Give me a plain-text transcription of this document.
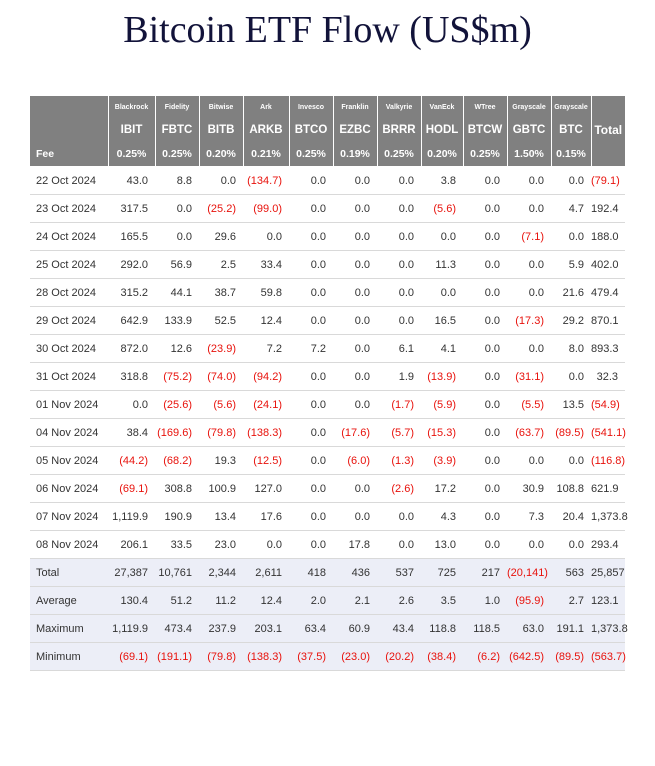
Bitcoin ETF Flow (US$m)
	Blackrock	Fidelity	Bitwise	Ark	Invesco	Franklin	Valkyrie	VanEck	WTree	Grayscale	Grayscale	
	IBIT	FBTC	BITB	ARKB	BTCO	EZBC	BRRR	HODL	BTCW	GBTC	BTC	Total
Fee	0.25%	0.25%	0.20%	0.21%	0.25%	0.19%	0.25%	0.20%	0.25%	1.50%	0.15%	
22 Oct 2024	43.0	8.8	0.0	(134.7)	0.0	0.0	0.0	3.8	0.0	0.0	0.0	(79.1)
23 Oct 2024	317.5	0.0	(25.2)	(99.0)	0.0	0.0	0.0	(5.6)	0.0	0.0	4.7	192.4
24 Oct 2024	165.5	0.0	29.6	0.0	0.0	0.0	0.0	0.0	0.0	(7.1)	0.0	188.0
25 Oct 2024	292.0	56.9	2.5	33.4	0.0	0.0	0.0	11.3	0.0	0.0	5.9	402.0
28 Oct 2024	315.2	44.1	38.7	59.8	0.0	0.0	0.0	0.0	0.0	0.0	21.6	479.4
29 Oct 2024	642.9	133.9	52.5	12.4	0.0	0.0	0.0	16.5	0.0	(17.3)	29.2	870.1
30 Oct 2024	872.0	12.6	(23.9)	7.2	7.2	0.0	6.1	4.1	0.0	0.0	8.0	893.3
31 Oct 2024	318.8	(75.2)	(74.0)	(94.2)	0.0	0.0	1.9	(13.9)	0.0	(31.1)	0.0	32.3
01 Nov 2024	0.0	(25.6)	(5.6)	(24.1)	0.0	0.0	(1.7)	(5.9)	0.0	(5.5)	13.5	(54.9)
04 Nov 2024	38.4	(169.6)	(79.8)	(138.3)	0.0	(17.6)	(5.7)	(15.3)	0.0	(63.7)	(89.5)	(541.1)
05 Nov 2024	(44.2)	(68.2)	19.3	(12.5)	0.0	(6.0)	(1.3)	(3.9)	0.0	0.0	0.0	(116.8)
06 Nov 2024	(69.1)	308.8	100.9	127.0	0.0	0.0	(2.6)	17.2	0.0	30.9	108.8	621.9
07 Nov 2024	1,119.9	190.9	13.4	17.6	0.0	0.0	0.0	4.3	0.0	7.3	20.4	1,373.8
08 Nov 2024	206.1	33.5	23.0	0.0	0.0	17.8	0.0	13.0	0.0	0.0	0.0	293.4
Total	27,387	10,761	2,344	2,611	418	436	537	725	217	(20,141)	563	25,857
Average	130.4	51.2	11.2	12.4	2.0	2.1	2.6	3.5	1.0	(95.9)	2.7	123.1
Maximum	1,119.9	473.4	237.9	203.1	63.4	60.9	43.4	118.8	118.5	63.0	191.1	1,373.8
Minimum	(69.1)	(191.1)	(79.8)	(138.3)	(37.5)	(23.0)	(20.2)	(38.4)	(6.2)	(642.5)	(89.5)	(563.7)
